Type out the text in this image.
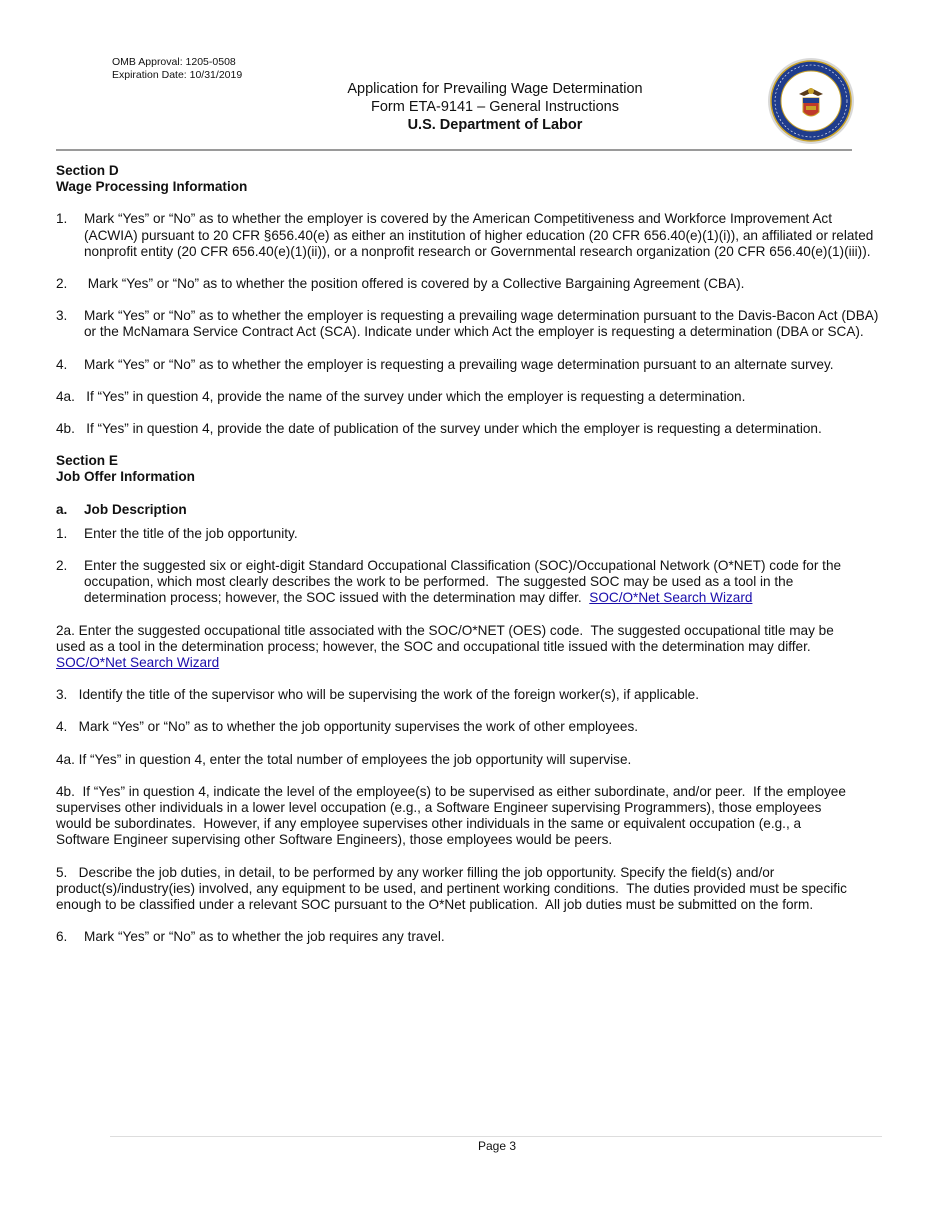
OMB Approval: 1205-0508
Expiration Date: 10/31/2019
Application for Prevailing Wage Determination
Form ETA-9141 – General Instructions
U.S. Department of Labor
Section D
Wage Processing Information
1.	Mark “Yes” or “No” as to whether the employer is covered by the American Competitiveness and Workforce Improvement Act (ACWIA) pursuant to 20 CFR §656.40(e) as either an institution of higher education (20 CFR 656.40(e)(1)(i)), an affiliated or related nonprofit entity (20 CFR 656.40(e)(1)(ii)), or a nonprofit research or Governmental research organization (20 CFR 656.40(e)(1)(iii)).
2.	Mark “Yes” or “No” as to whether the position offered is covered by a Collective Bargaining Agreement (CBA).
3.	Mark “Yes” or “No” as to whether the employer is requesting a prevailing wage determination pursuant to the Davis-Bacon Act (DBA) or the McNamara Service Contract Act (SCA). Indicate under which Act the employer is requesting a determination (DBA or SCA).
4.	Mark “Yes” or “No” as to whether the employer is requesting a prevailing wage determination pursuant to an alternate survey.
4a.   If “Yes” in question 4, provide the name of the survey under which the employer is requesting a determination.
4b.   If “Yes” in question 4, provide the date of publication of the survey under which the employer is requesting a determination.
Section E
Job Offer Information
a.	Job Description
1.	Enter the title of the job opportunity.
2.	Enter the suggested six or eight-digit Standard Occupational Classification (SOC)/Occupational Network (O*NET) code for the occupation, which most clearly describes the work to be performed.  The suggested SOC may be used as a tool in the determination process; however, the SOC issued with the determination may differ.  SOC/O*Net Search Wizard
2a. Enter the suggested occupational title associated with the SOC/O*NET (OES) code.  The suggested occupational title may be used as a tool in the determination process; however, the SOC and occupational title issued with the determination may differ.  SOC/O*Net Search Wizard
3.   Identify the title of the supervisor who will be supervising the work of the foreign worker(s), if applicable.
4.   Mark “Yes” or “No” as to whether the job opportunity supervises the work of other employees.
4a. If “Yes” in question 4, enter the total number of employees the job opportunity will supervise.
4b.  If “Yes” in question 4, indicate the level of the employee(s) to be supervised as either subordinate, and/or peer.  If the employee supervises other individuals in a lower level occupation (e.g., a Software Engineer supervising Programmers), those employees would be subordinates.  However, if any employee supervises other individuals in the same or equivalent occupation (e.g., a Software Engineer supervising other Software Engineers), those employees would be peers.
5.   Describe the job duties, in detail, to be performed by any worker filling the job opportunity. Specify the field(s) and/or product(s)/industry(ies) involved, any equipment to be used, and pertinent working conditions.  The duties provided must be specific enough to be classified under a relevant SOC pursuant to the O*Net publication.  All job duties must be submitted on the form.
6.	Mark “Yes” or “No” as to whether the job requires any travel.
Page 3
